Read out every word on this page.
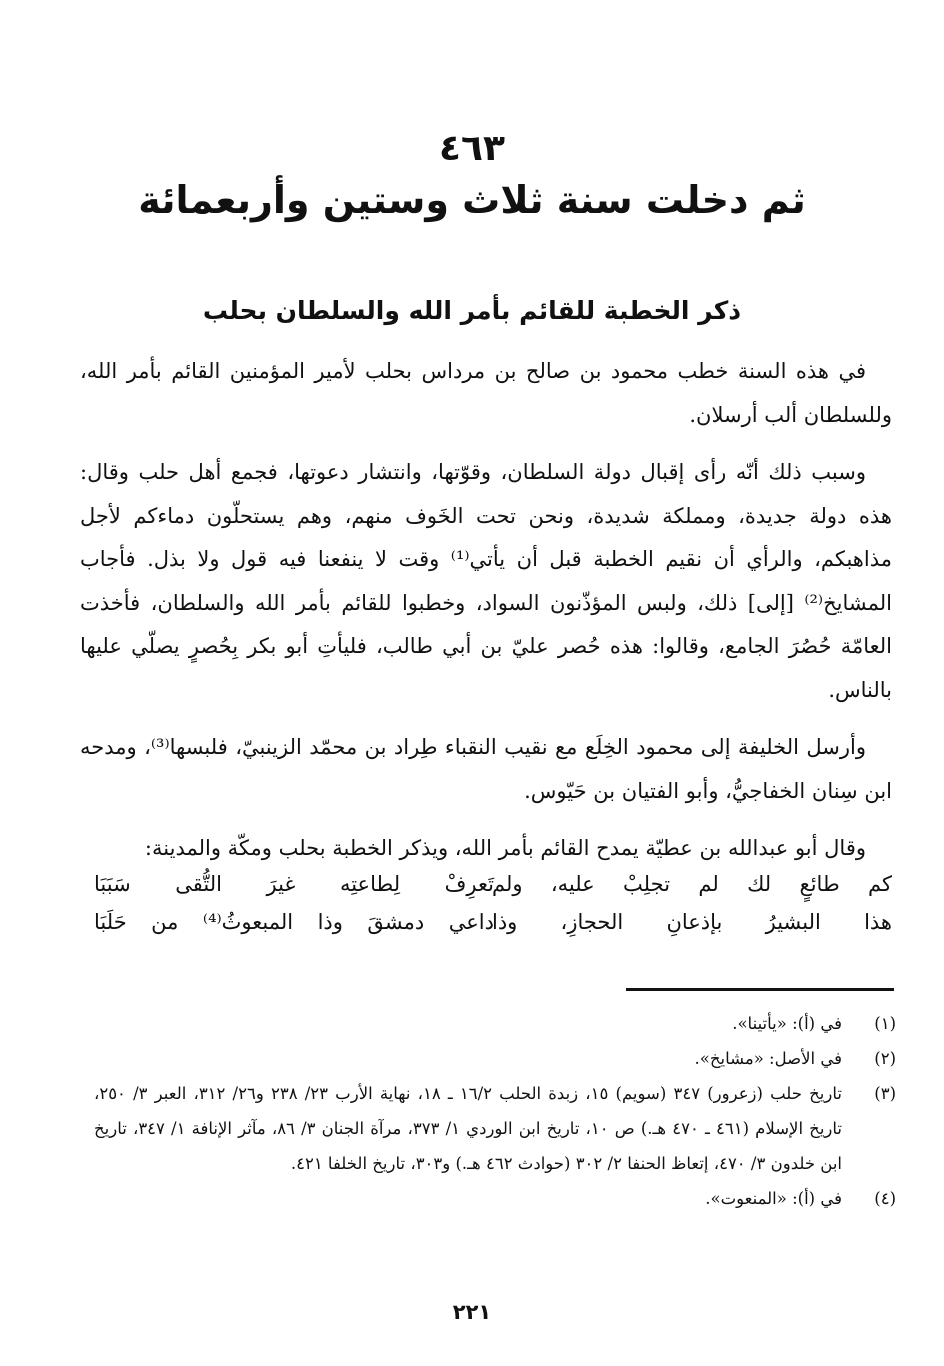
٤٦٣
ثم دخلت سنة ثلاث وستين وأربعمائة
ذكر الخطبة للقائم بأمر الله والسلطان بحلب

في هذه السنة خطب محمود بن صالح بن مرداس بحلب لأمير المؤمنين القائم بأمر الله، وللسلطان ألب أرسلان.

وسبب ذلك أنّه رأى إقبال دولة السلطان، وقوّتها، وانتشار دعوتها، فجمع أهل حلب وقال: هذه دولة جديدة، ومملكة شديدة، ونحن تحت الخَوف منهم، وهم يستحلّون دماءكم لأجل مذاهبكم، والرأي أن نقيم الخطبة قبل أن يأتي⁽¹⁾ وقت لا ينفعنا فيه قول ولا بذل. فأجاب المشايخ⁽²⁾ [إلى] ذلك، ولبس المؤذّنون السواد، وخطبوا للقائم بأمر الله والسلطان، فأخذت العامّة حُصُرَ الجامع، وقالوا: هذه حُصر عليّ بن أبي طالب، فليأتِ أبو بكر بِحُصرٍ يصلّي عليها بالناس.

وأرسل الخليفة إلى محمود الخِلَع مع نقيب النقباء طِراد بن محمّد الزينبيّ، فلبسها⁽³⁾، ومدحه ابن سِنان الخفاجيُّ، وأبو الفتيان بن حَيّوس.

وقال أبو عبدالله بن عطيّة يمدح القائم بأمر الله، ويذكر الخطبة بحلب ومكّة والمدينة:

كم طائعٍ لك لم تجلِبْ عليه، ولم
تَعرِفْ لِطاعتِه غيرَ التُّقى سَبَبَا
هذا البشيرُ بإذعانِ الحجازِ، وذا
داعي دمشقَ وذا المبعوثُ⁽⁴⁾ من حَلَبَا
(١)
في (أ): «يأتينا».
(٢)
في الأصل: «مشايخ».
(٣)
تاريخ حلب (زعرور) ٣٤٧ (سويم) ١٥، زبدة الحلب ١٦/٢ ـ ١٨، نهاية الأرب ٢٣/ ٢٣٨ و٢٦/ ٣١٢، العبر ٣/ ٢٥٠، تاريخ الإسلام (٤٦١ ـ ٤٧٠ هـ.) ص ١٠، تاريخ ابن الوردي ١/ ٣٧٣، مرآة الجنان ٣/ ٨٦، مآثر الإنافة ١/ ٣٤٧، تاريخ ابن خلدون ٣/ ٤٧٠، إتعاظ الحنفا ٢/ ٣٠٢ (حوادث ٤٦٢ هـ.) و٣٠٣، تاريخ الخلفا ٤٢١.
(٤)
في (أ): «المنعوت».
٢٢١
